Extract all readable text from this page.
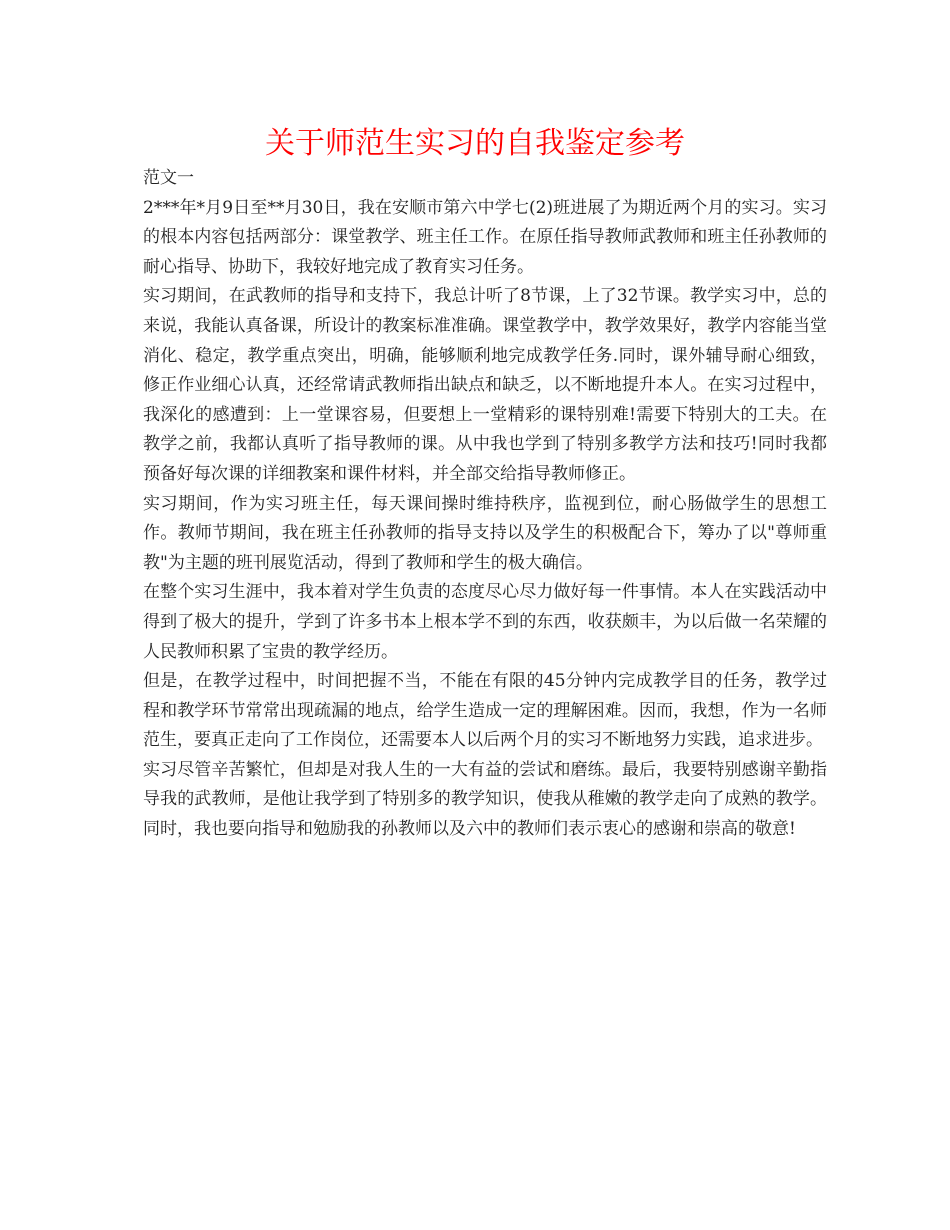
关于师范生实习的自我鉴定参考

范文一

2***年*月9日至**月30日，我在安顺市第六中学七(2)班进展了为期近两个月的实习。实习的根本内容包括两部分：课堂教学、班主任工作。在原任指导教师武教师和班主任孙教师的耐心指导、协助下，我较好地完成了教育实习任务。

实习期间，在武教师的指导和支持下，我总计听了8节课，上了32节课。教学实习中，总的来说，我能认真备课，所设计的教案标准准确。课堂教学中，教学效果好，教学内容能当堂消化、稳定，教学重点突出，明确，能够顺利地完成教学任务.同时，课外辅导耐心细致，修正作业细心认真，还经常请武教师指出缺点和缺乏，以不断地提升本人。在实习过程中，我深化的感遭到：上一堂课容易，但要想上一堂精彩的课特别难!需要下特别大的工夫。在教学之前，我都认真听了指导教师的课。从中我也学到了特别多教学方法和技巧!同时我都预备好每次课的详细教案和课件材料，并全部交给指导教师修正。

实习期间，作为实习班主任，每天课间操时维持秩序，监视到位，耐心肠做学生的思想工作。教师节期间，我在班主任孙教师的指导支持以及学生的积极配合下，筹办了以"尊师重教"为主题的班刊展览活动，得到了教师和学生的极大确信。

在整个实习生涯中，我本着对学生负责的态度尽心尽力做好每一件事情。本人在实践活动中得到了极大的提升，学到了许多书本上根本学不到的东西，收获颇丰，为以后做一名荣耀的人民教师积累了宝贵的教学经历。

但是，在教学过程中，时间把握不当，不能在有限的45分钟内完成教学目的任务，教学过程和教学环节常常出现疏漏的地点，给学生造成一定的理解困难。因而，我想，作为一名师范生，要真正走向了工作岗位，还需要本人以后两个月的实习不断地努力实践，追求进步。

实习尽管辛苦繁忙，但却是对我人生的一大有益的尝试和磨练。最后，我要特别感谢辛勤指导我的武教师，是他让我学到了特别多的教学知识，使我从稚嫩的教学走向了成熟的教学。同时，我也要向指导和勉励我的孙教师以及六中的教师们表示衷心的感谢和崇高的敬意!
